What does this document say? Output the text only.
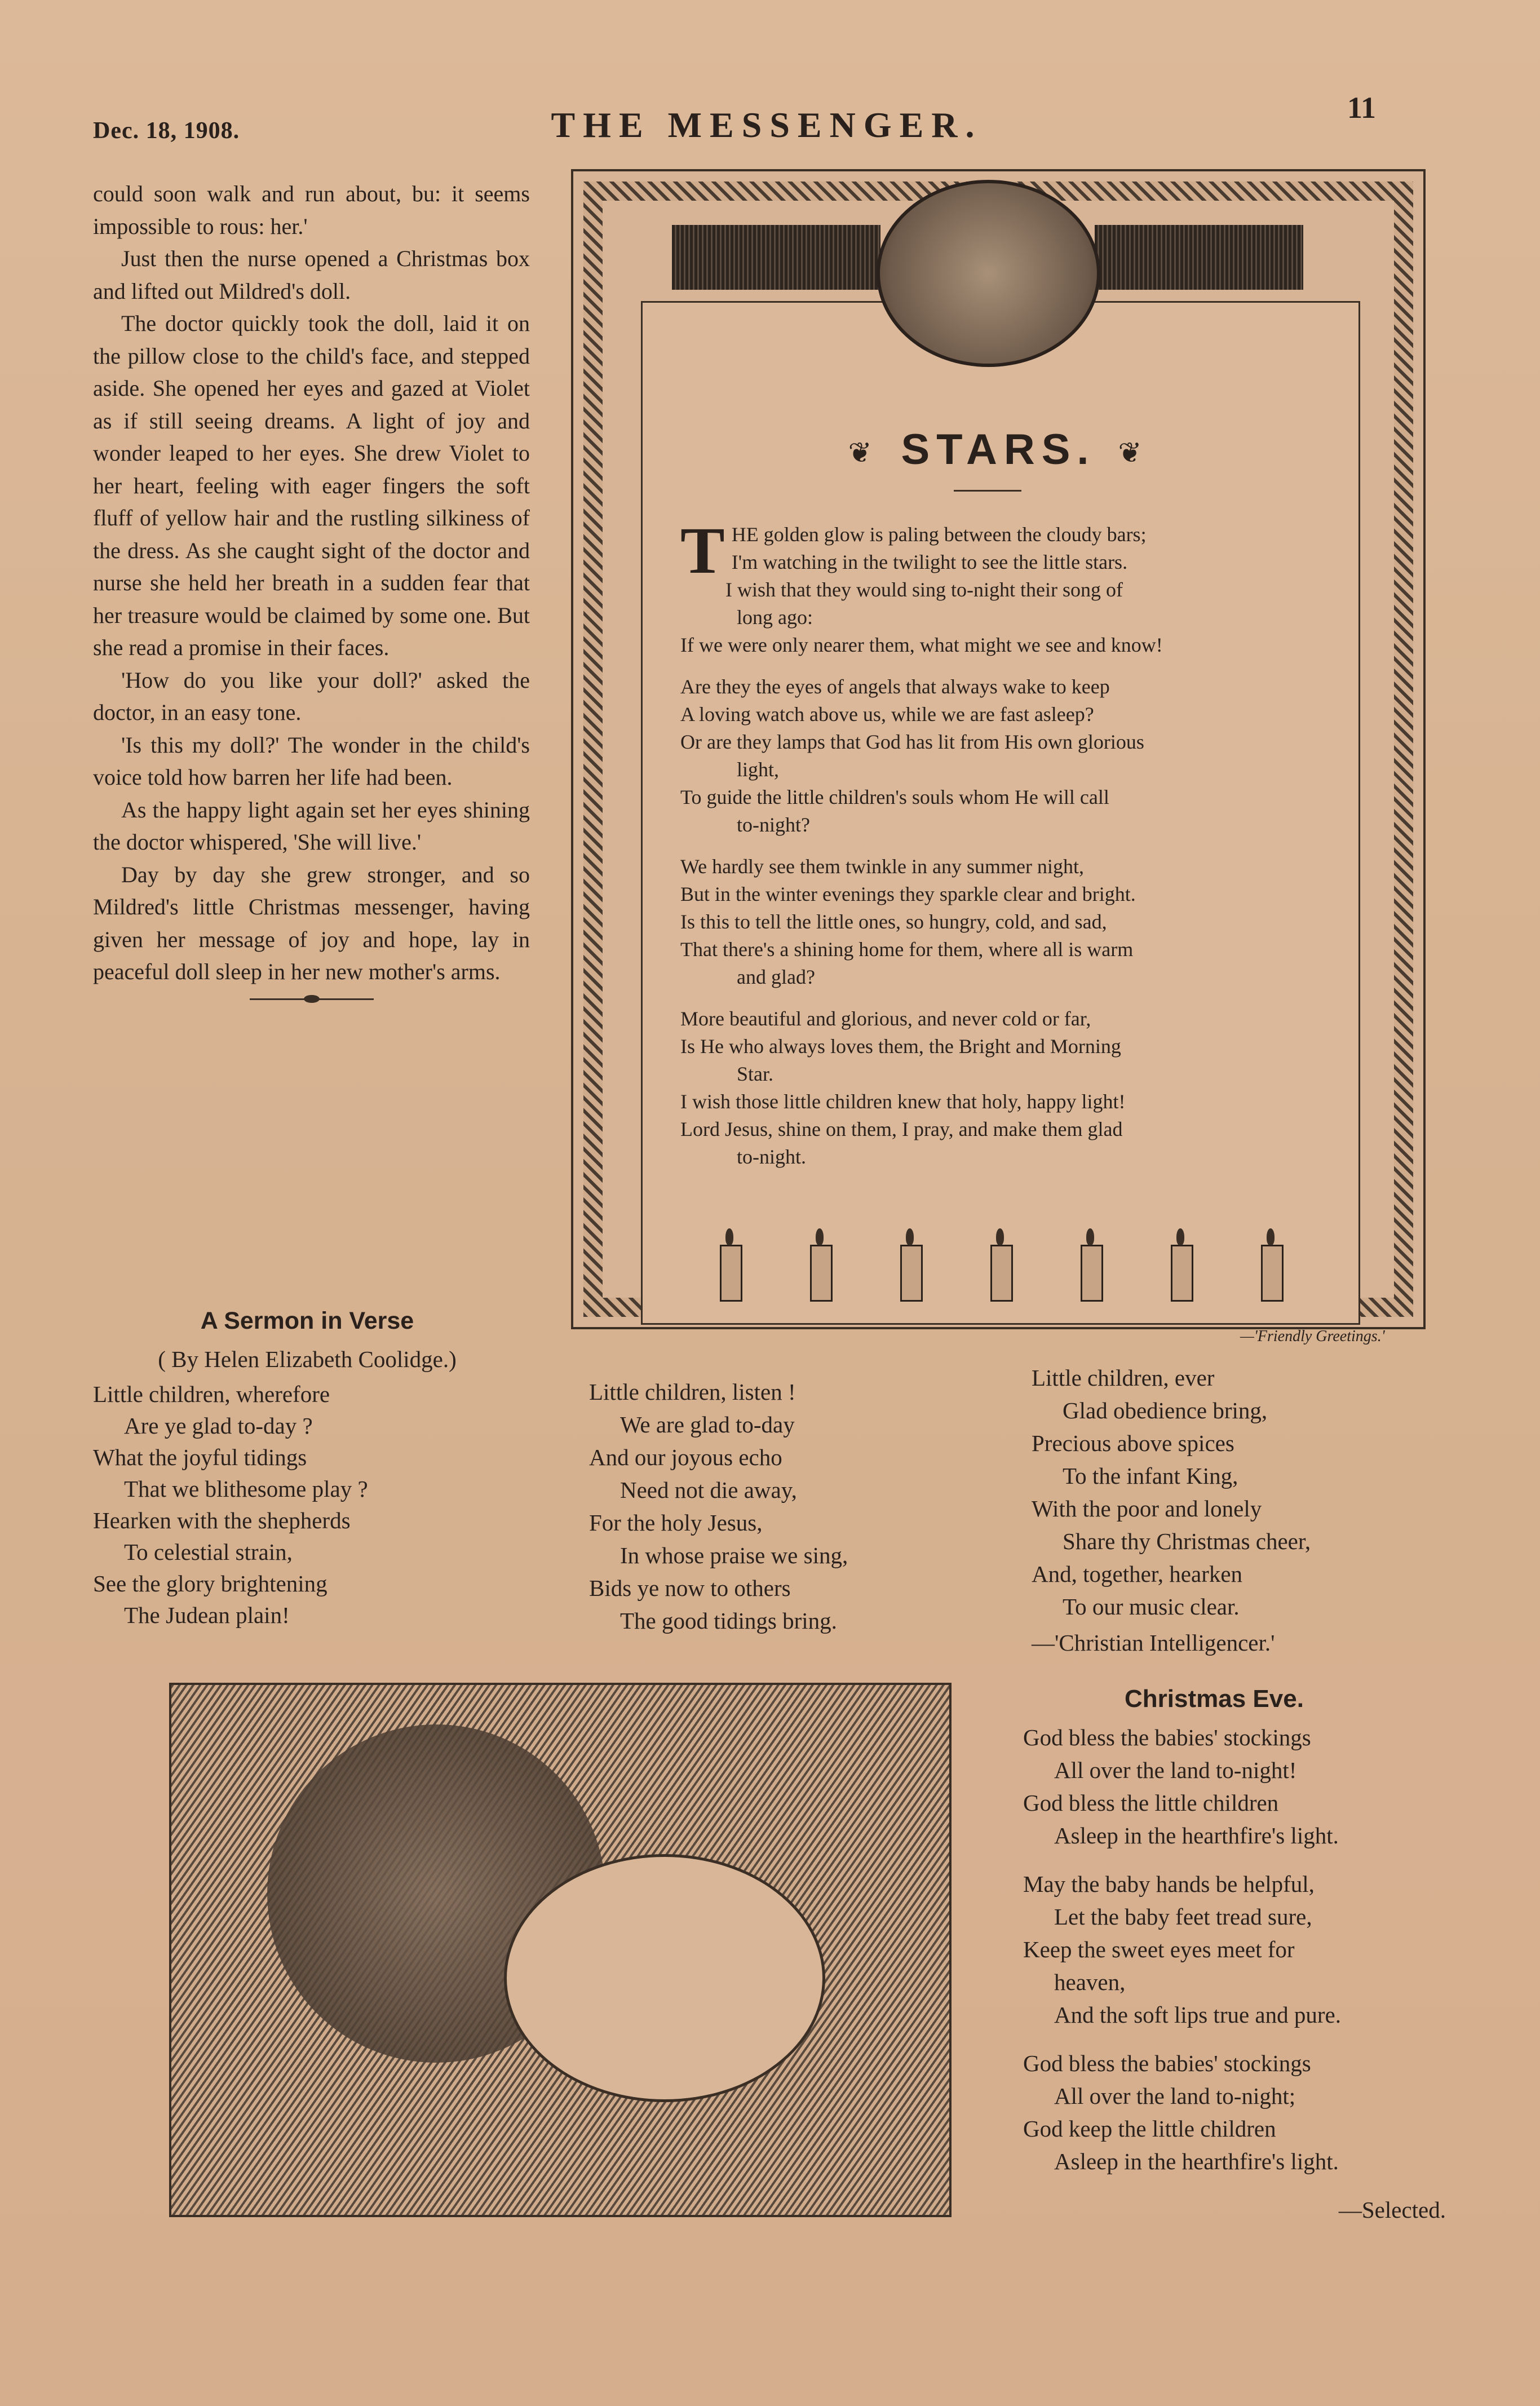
Dec. 18, 1908.	THE MESSENGER.	11

could soon walk and run about, bu: it seems impossible to rous: her.'

Just then the nurse opened a Christmas box and lifted out Mildred's doll.

The doctor quickly took the doll, laid it on the pillow close to the child's face, and stepped aside. She opened her eyes and gazed at Violet as if still seeing dreams. A light of joy and wonder leaped to her eyes. She drew Violet to her heart, feeling with eager fingers the soft fluff of yellow hair and the rustling silkiness of the dress. As she caught sight of the doctor and nurse she held her breath in a sudden fear that her treasure would be claimed by some one. But she read a promise in their faces.

'How do you like your doll?' asked the doctor, in an easy tone.

'Is this my doll?' The wonder in the child's voice told how barren her life had been.

As the happy light again set her eyes shining the doctor whispered, 'She will live.'

Day by day she grew stronger, and so Mildred's little Christmas messenger, having given her message of joy and hope, lay in peaceful doll sleep in her new mother's arms.

❦ STARS. ❦

THE golden glow is paling between the cloudy bars;

I'm watching in the twilight to see the little stars.

I wish that they would sing to-night their song of

long ago:

If we were only nearer them, what might we see and know!

Are they the eyes of angels that always wake to keep

A loving watch above us, while we are fast asleep?

Or are they lamps that God has lit from His own glorious

light,

To guide the little children's souls whom He will call

to-night?

We hardly see them twinkle in any summer night,

But in the winter evenings they sparkle clear and bright.

Is this to tell the little ones, so hungry, cold, and sad,

That there's a shining home for them, where all is warm

and glad?

More beautiful and glorious, and never cold or far,

Is He who always loves them, the Bright and Morning

Star.

I wish those little children knew that holy, happy light!

Lord Jesus, shine on them, I pray, and make them glad

to-night.

—'Friendly Greetings.'
A Sermon in Verse
( By Helen Elizabeth Coolidge.)

Little children, wherefore

Are ye glad to-day ?

What the joyful tidings

That we blithesome play ?

Hearken with the shepherds

To celestial strain,

See the glory brightening

The Judean plain!

Little children, listen !

We are glad to-day

And our joyous echo

Need not die away,

For the holy Jesus,

In whose praise we sing,

Bids ye now to others

The good tidings bring.

Little children, ever

Glad obedience bring,

Precious above spices

To the infant King,

With the poor and lonely

Share thy Christmas cheer,

And, together, hearken

To our music clear.

—'Christian Intelligencer.'
Christmas Eve.

God bless the babies' stockings

All over the land to-night!

God bless the little children

Asleep in the hearthfire's light.

May the baby hands be helpful,

Let the baby feet tread sure,

Keep the sweet eyes meet for

heaven,

And the soft lips true and pure.

God bless the babies' stockings

All over the land to-night;

God keep the little children

Asleep in the hearthfire's light.

—Selected.
